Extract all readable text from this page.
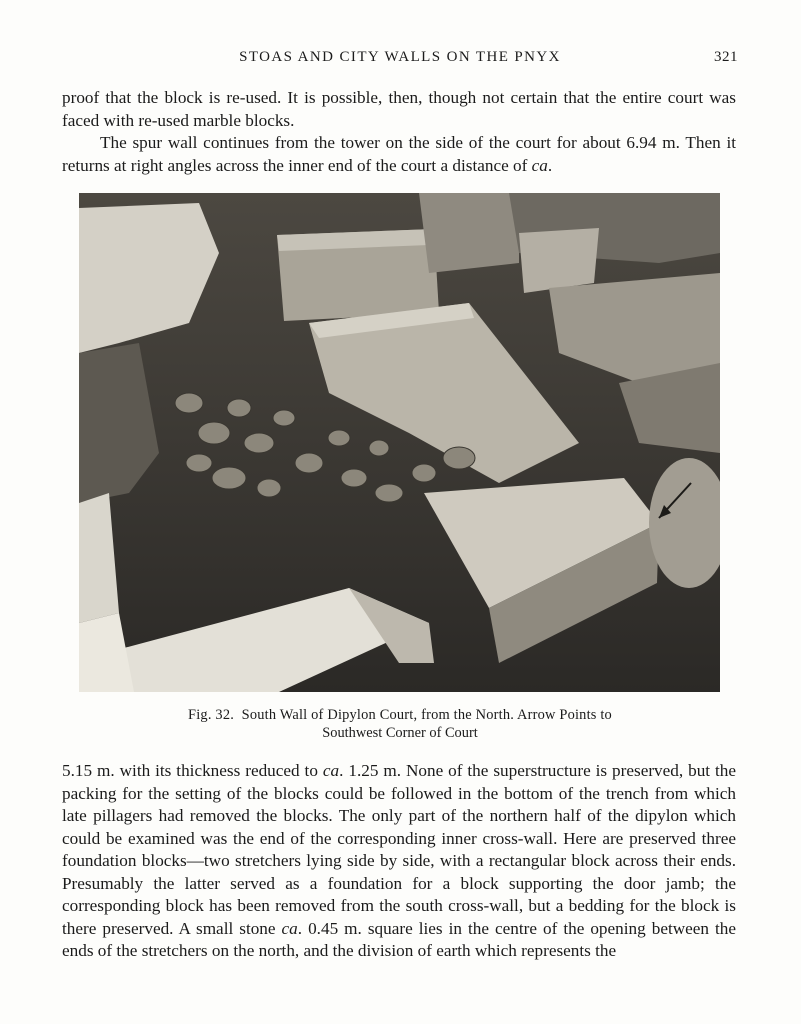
STOAS AND CITY WALLS ON THE PNYX	321

proof that the block is re-used. It is possible, then, though not certain that the entire court was faced with re-used marble blocks.

The spur wall continues from the tower on the side of the court for about 6.94 m. Then it returns at right angles across the inner end of the court a distance of ca.

Fig. 32. South Wall of Dipylon Court, from the North. Arrow Points to
Southwest Corner of Court

5.15 m. with its thickness reduced to ca. 1.25 m. None of the superstructure is preserved, but the packing for the setting of the blocks could be followed in the bottom of the trench from which late pillagers had removed the blocks. The only part of the northern half of the dipylon which could be examined was the end of the corresponding inner cross-wall. Here are preserved three foundation blocks—two stretchers lying side by side, with a rectangular block across their ends. Presumably the latter served as a foundation for a block supporting the door jamb; the corresponding block has been removed from the south cross-wall, but a bedding for the block is there preserved. A small stone ca. 0.45 m. square lies in the centre of the opening between the ends of the stretchers on the north, and the division of earth which represents the
